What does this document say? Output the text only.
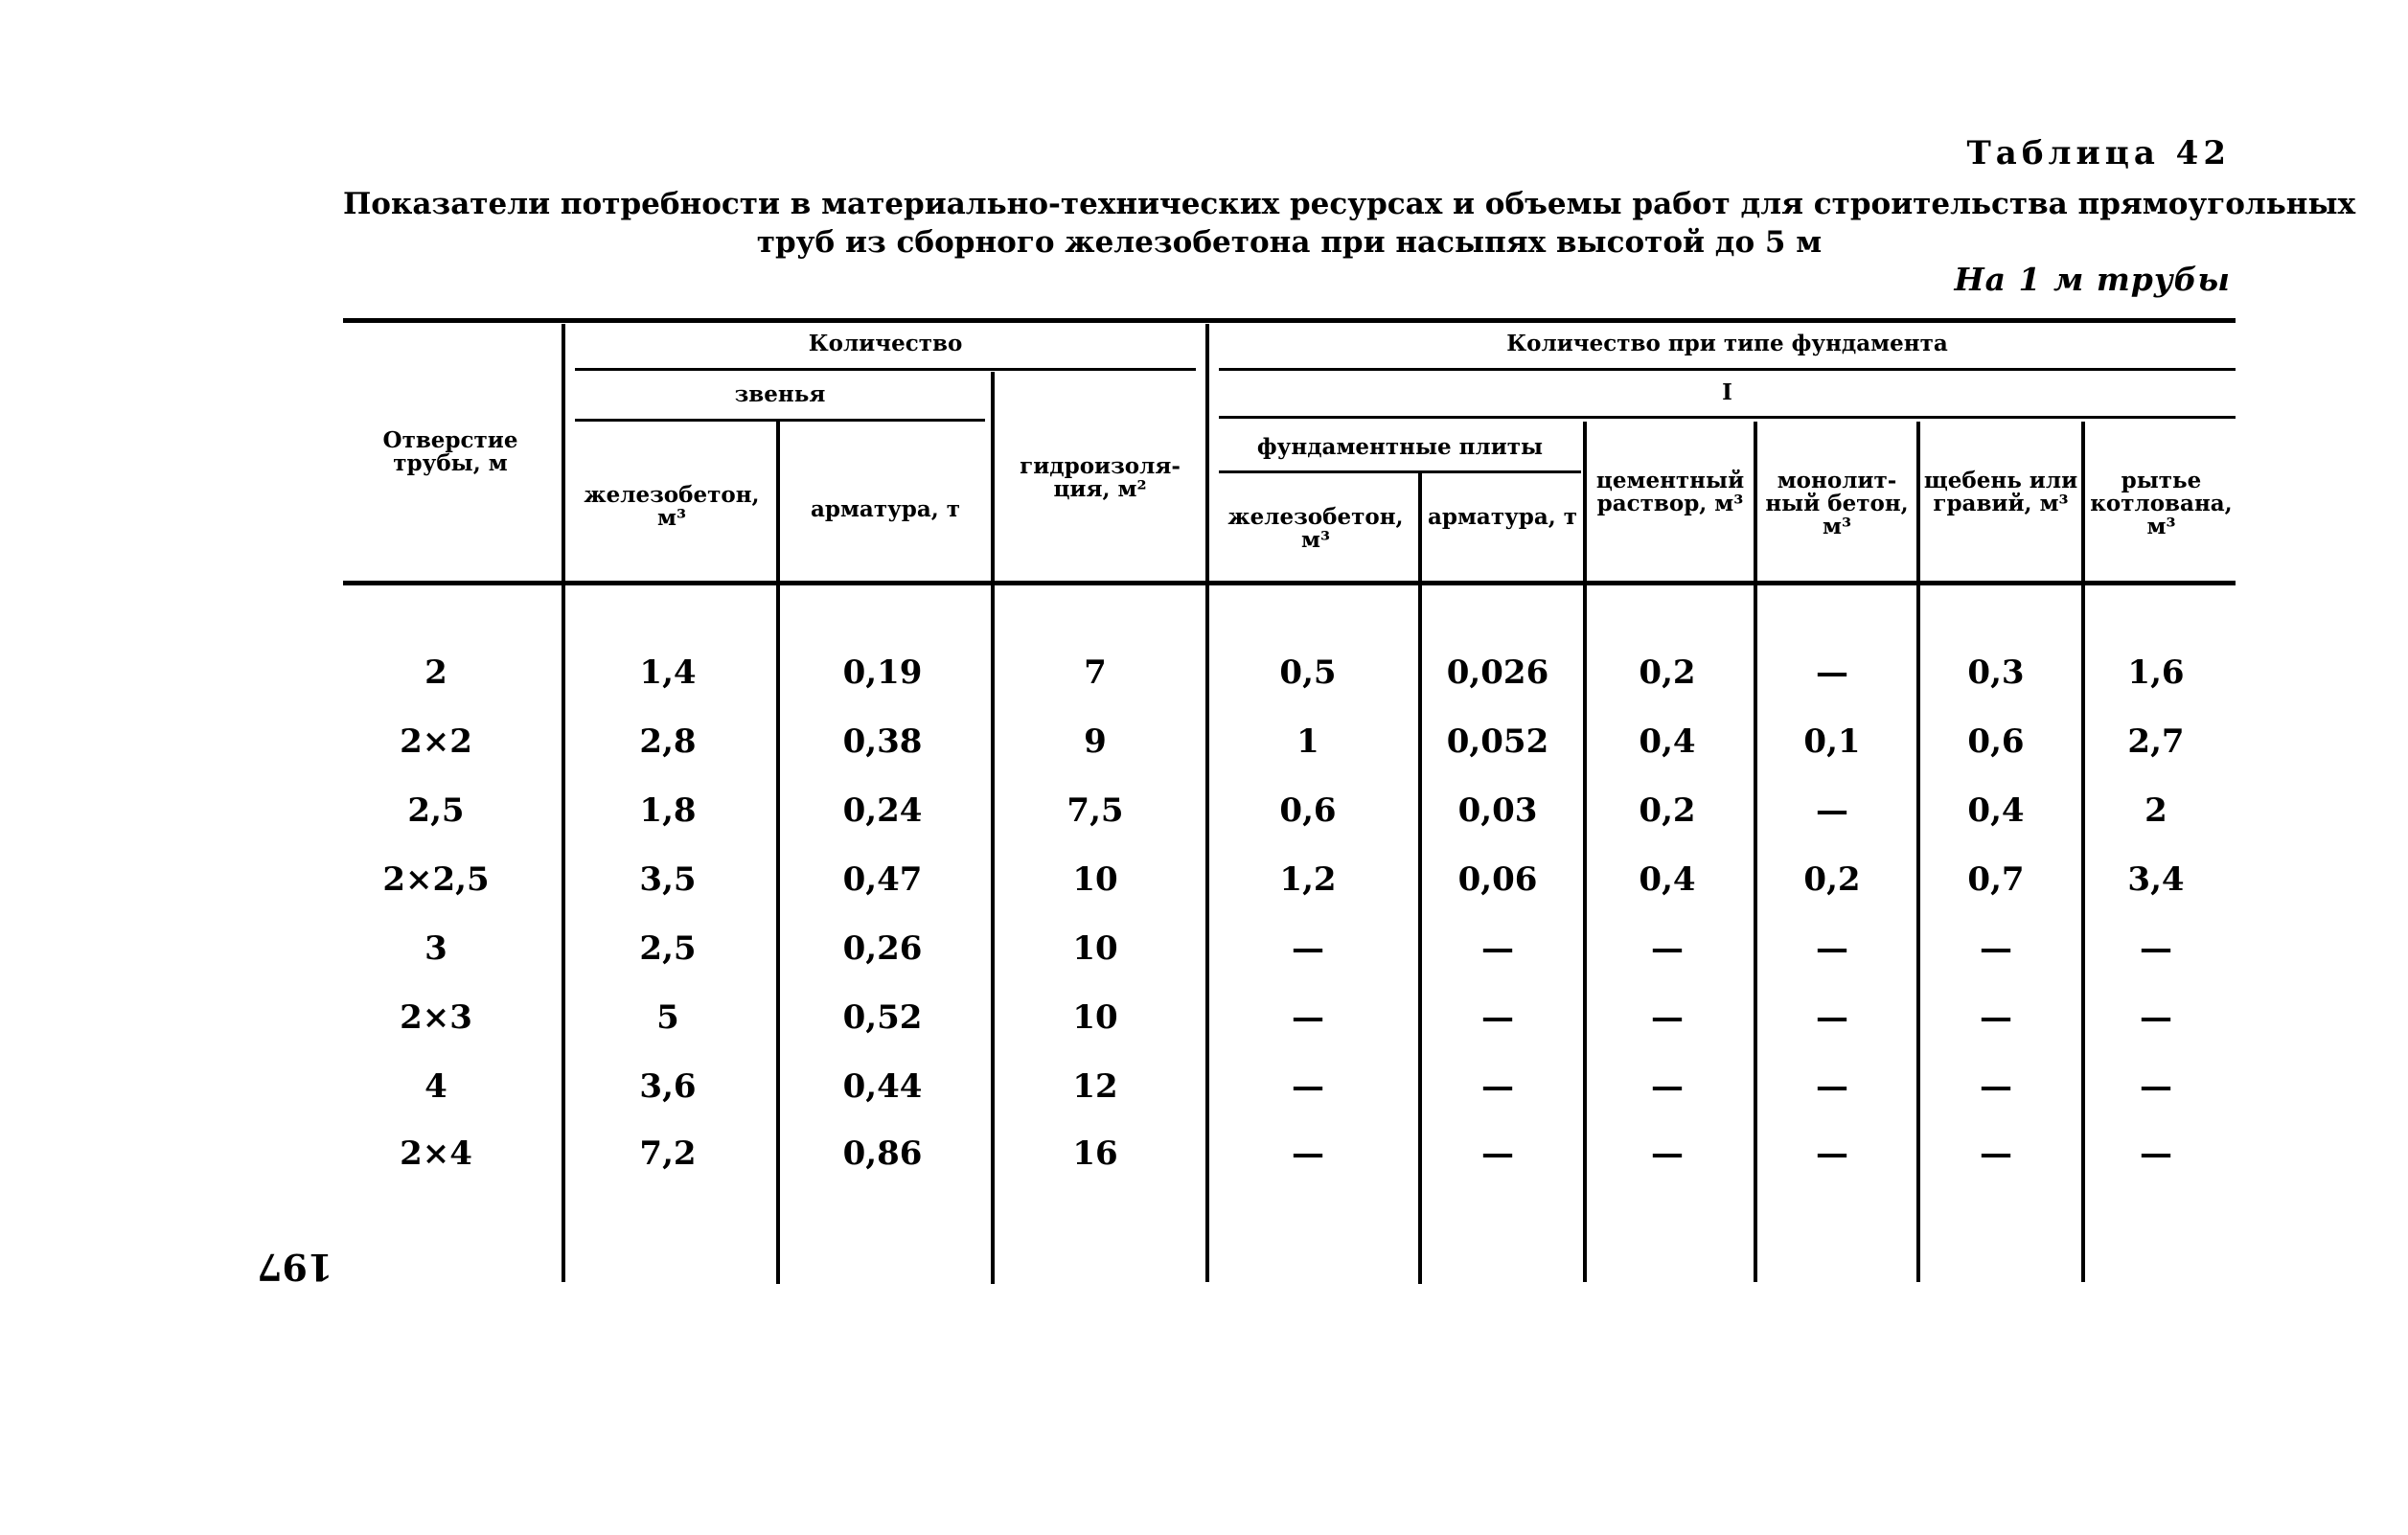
Таблица 42
Показатели потребности в материально-технических ресурсах и объемы работ для строительства прямоугольных
труб из сборного железобетона при насыпях высотой до 5 м
На 1 м трубы
197
Отверстие трубы, м
Количество
звенья
железобетон, м³	арматура, т
гидроизоля-ция, м²
Количество при типе фундамента
I
фундаментные плиты
железобетон, м³
арматура, т
цементный раствор, м³
монолит-ный бетон, м³
щебень или гравий, м³
рытье котлована, м³
2	1,4	0,19	7	0,5	0,026	0,2	—	0,3	1,6
2×2	2,8	0,38	9	1	0,052	0,4	0,1	0,6	2,7
2,5	1,8	0,24	7,5	0,6	0,03	0,2	—	0,4	2
2×2,5	3,5	0,47	10	1,2	0,06	0,4	0,2	0,7	3,4
3	2,5	0,26	10	—	—	—	—	—	—
2×3	5	0,52	10	—	—	—	—	—	—
4	3,6	0,44	12	—	—	—	—	—	—
2×4	7,2	0,86	16	—	—	—	—	—	—
